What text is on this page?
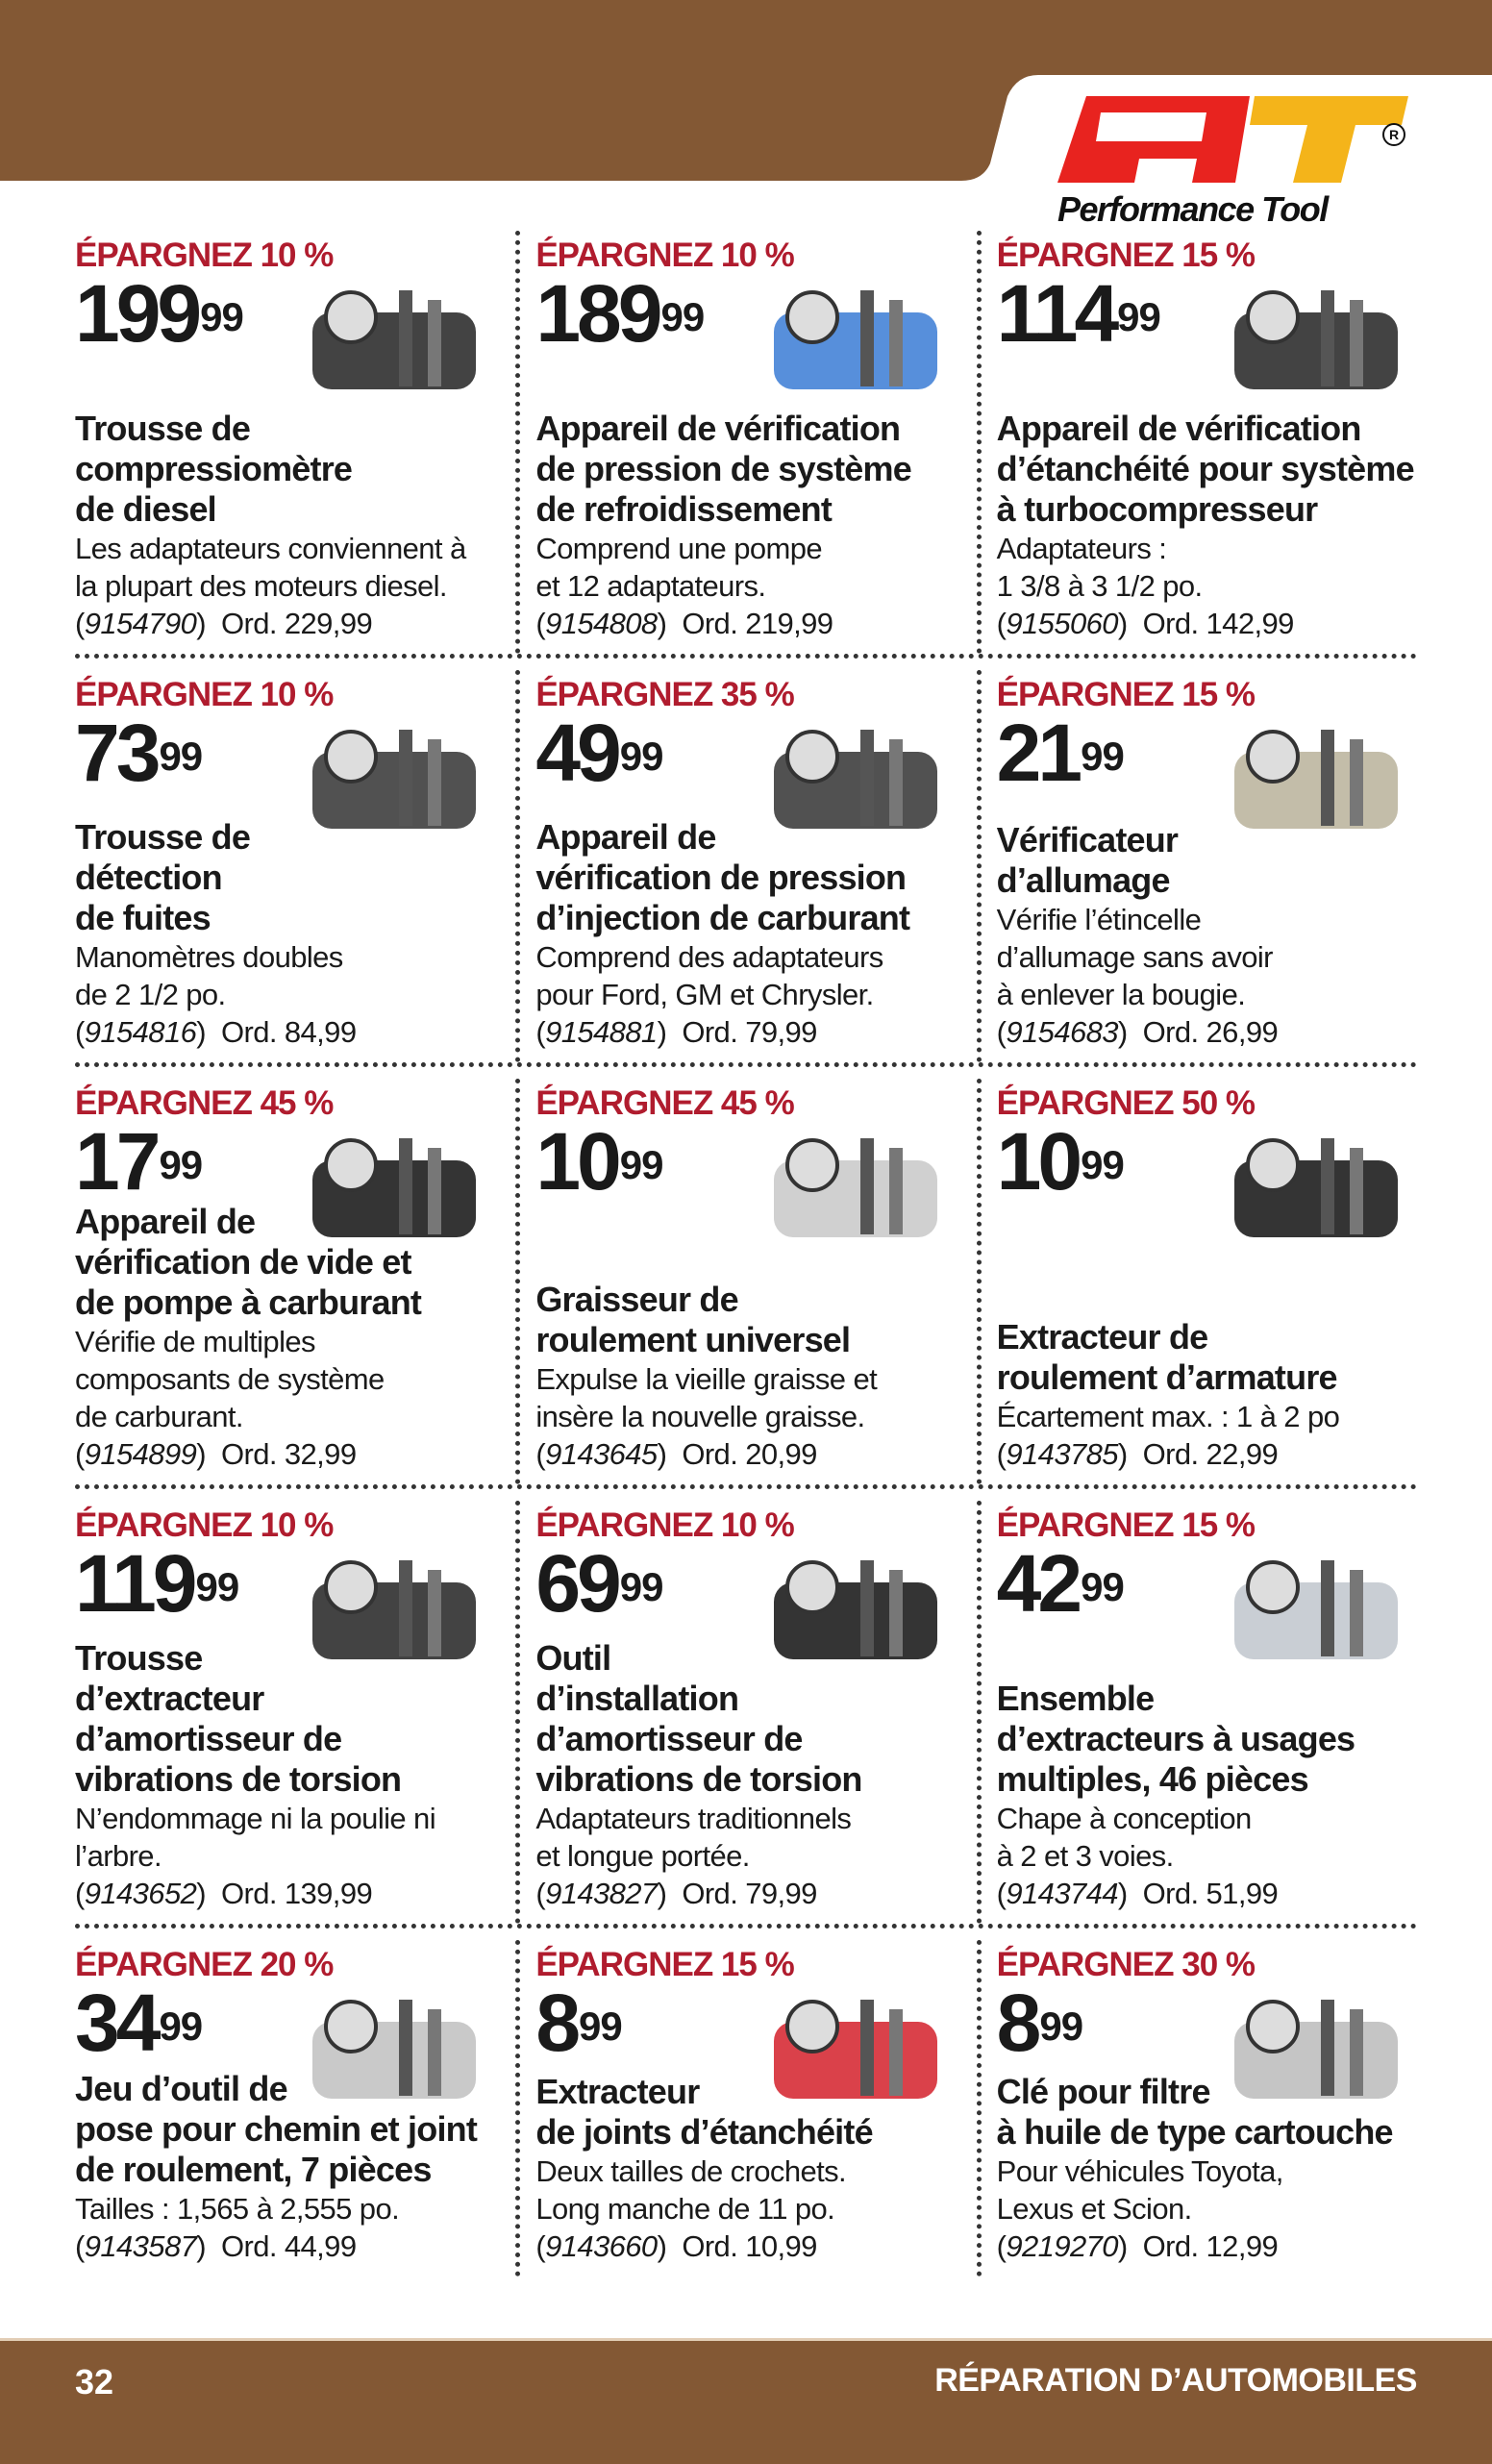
R
Performance Tool
ÉPARGNEZ 10 %
$199^{99}$
Trousse de
compressiomètre
de diesel
Les adaptateurs conviennent à
la plupart des moteurs diesel.
(9154790)  Ord. 229,99
ÉPARGNEZ 10 %
$189^{99}$
Appareil de vérification
de pression de système
de refroidissement
Comprend une pompe
et 12 adaptateurs.
(9154808)  Ord. 219,99
ÉPARGNEZ 15 %
$114^{99}$
Appareil de vérification
d’étanchéité pour système
à turbocompresseur
Adaptateurs :
1 3/8 à 3 1/2 po.
(9155060)  Ord. 142,99
ÉPARGNEZ 10 %
$73^{99}$
Trousse de
détection
de fuites
Manomètres doubles
de 2 1/2 po.
(9154816)  Ord. 84,99
ÉPARGNEZ 35 %
$49^{99}$
Appareil de
vérification de pression
d’injection de carburant
Comprend des adaptateurs
pour Ford, GM et Chrysler.
(9154881)  Ord. 79,99
ÉPARGNEZ 15 %
$21^{99}$
Vérificateur
d’allumage
Vérifie l’étincelle
d’allumage sans avoir
à enlever la bougie.
(9154683)  Ord. 26,99
ÉPARGNEZ 45 %
$17^{99}$
Appareil de
vérification de vide et
de pompe à carburant
Vérifie de multiples
composants de système
de carburant.
(9154899)  Ord. 32,99
ÉPARGNEZ 45 %
$10^{99}$
Graisseur de
roulement universel
Expulse la vieille graisse et
insère la nouvelle graisse.
(9143645)  Ord. 20,99
ÉPARGNEZ 50 %
$10^{99}$
Extracteur de
roulement d’armature
Écartement max. : 1 à 2 po
(9143785)  Ord. 22,99
ÉPARGNEZ 10 %
$119^{99}$
Trousse
d’extracteur
d’amortisseur de
vibrations de torsion
N’endommage ni la poulie ni
l’arbre.
(9143652)  Ord. 139,99
ÉPARGNEZ 10 %
$69^{99}$
Outil
d’installation
d’amortisseur de
vibrations de torsion
Adaptateurs traditionnels
et longue portée.
(9143827)  Ord. 79,99
ÉPARGNEZ 15 %
$42^{99}$
Ensemble
d’extracteurs à usages
multiples, 46 pièces
Chape à conception
à 2 et 3 voies.
(9143744)  Ord. 51,99
ÉPARGNEZ 20 %
$34^{99}$
Jeu d’outil de
pose pour chemin et joint
de roulement, 7 pièces
Tailles : 1,565 à 2,555 po.
(9143587)  Ord. 44,99
ÉPARGNEZ 15 %
$8^{99}$
Extracteur
de joints d’étanchéité
Deux tailles de crochets.
Long manche de 11 po.
(9143660)  Ord. 10,99
ÉPARGNEZ 30 %
$8^{99}$
Clé pour filtre
à huile de type cartouche
Pour véhicules Toyota,
Lexus et Scion.
(9219270)  Ord. 12,99
32	RÉPARATION D’AUTOMOBILES
